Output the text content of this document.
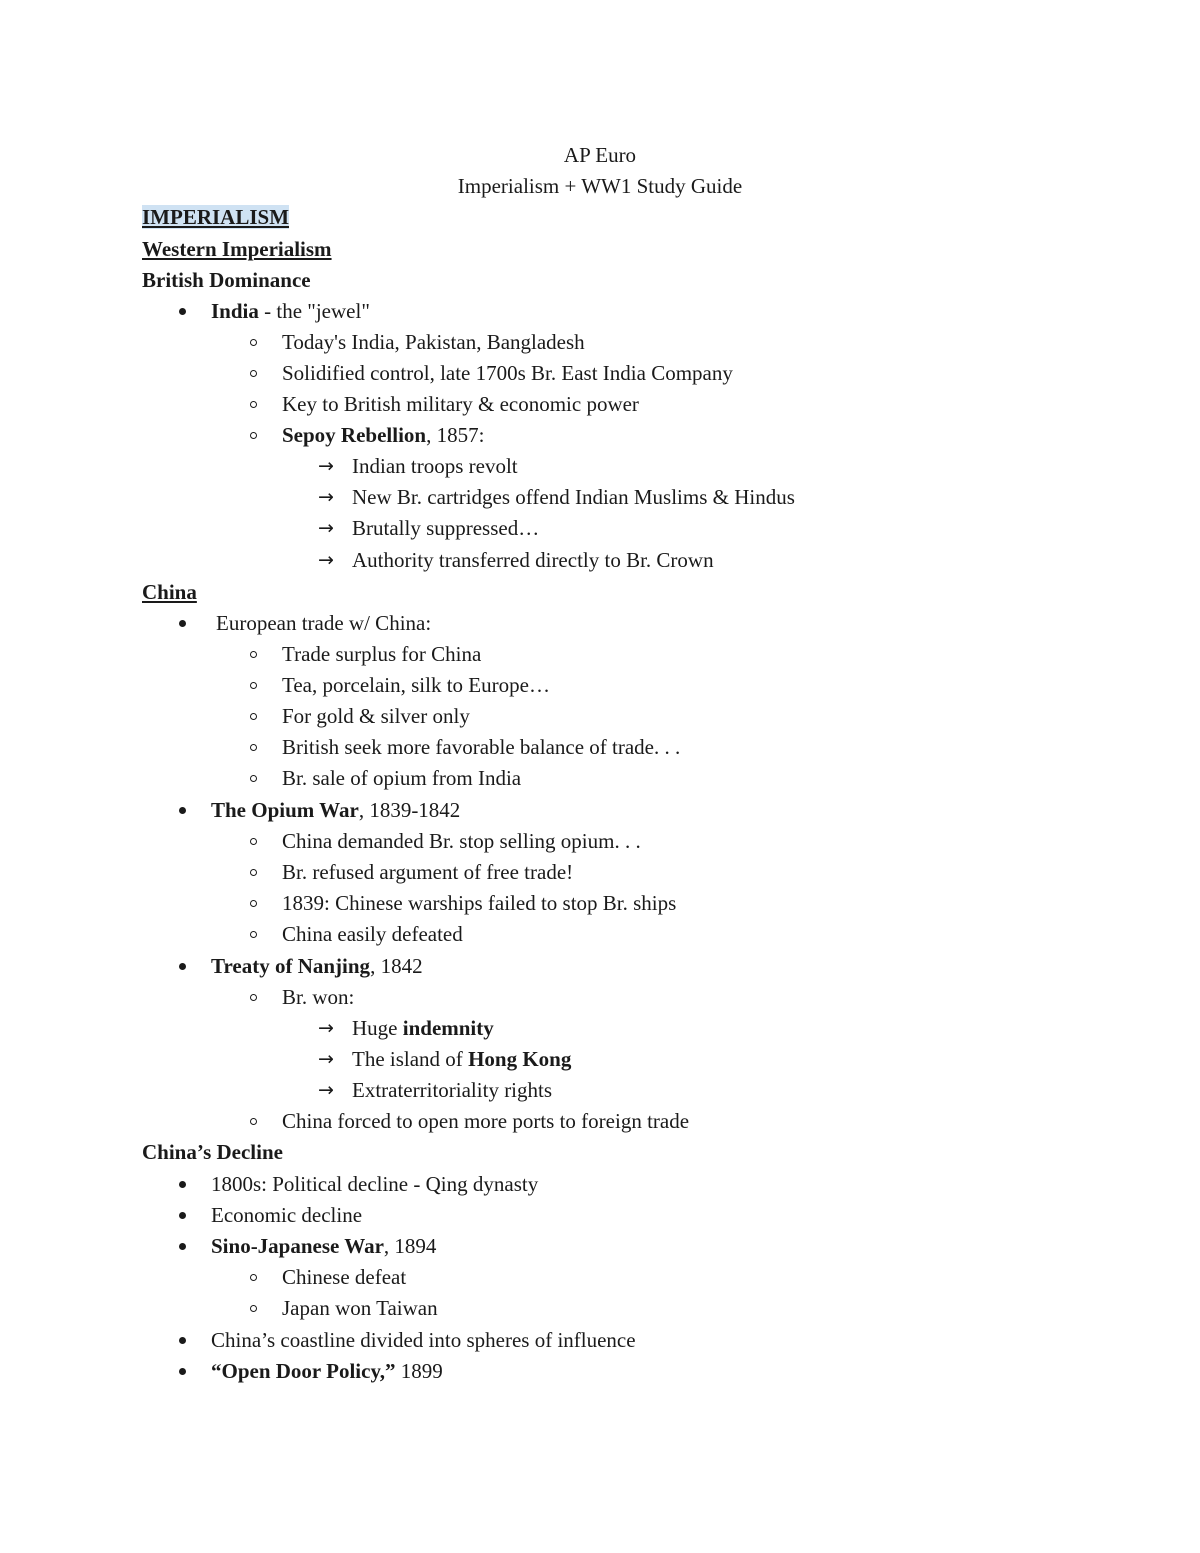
AP Euro
Imperialism + WW1 Study Guide
IMPERIALISM
Western Imperialism
British Dominance
India - the "jewel"
Today's India, Pakistan, Bangladesh
Solidified control, late 1700s Br. East India Company
Key to British military & economic power
Sepoy Rebellion, 1857:
→ Indian troops revolt
→ New Br. cartridges offend Indian Muslims & Hindus
→ Brutally suppressed…
→ Authority transferred directly to Br. Crown
China
European trade w/ China:
Trade surplus for China
Tea, porcelain, silk to Europe…
For gold & silver only
British seek more favorable balance of trade. . .
Br. sale of opium from India
The Opium War, 1839-1842
China demanded Br. stop selling opium. . .
Br. refused argument of free trade!
1839: Chinese warships failed to stop Br. ships
China easily defeated
Treaty of Nanjing, 1842
Br. won:
→ Huge indemnity
→ The island of Hong Kong
→ Extraterritoriality rights
China forced to open more ports to foreign trade
China’s Decline
1800s: Political decline - Qing dynasty
Economic decline
Sino-Japanese War, 1894
Chinese defeat
Japan won Taiwan
China’s coastline divided into spheres of influence
“Open Door Policy,” 1899
